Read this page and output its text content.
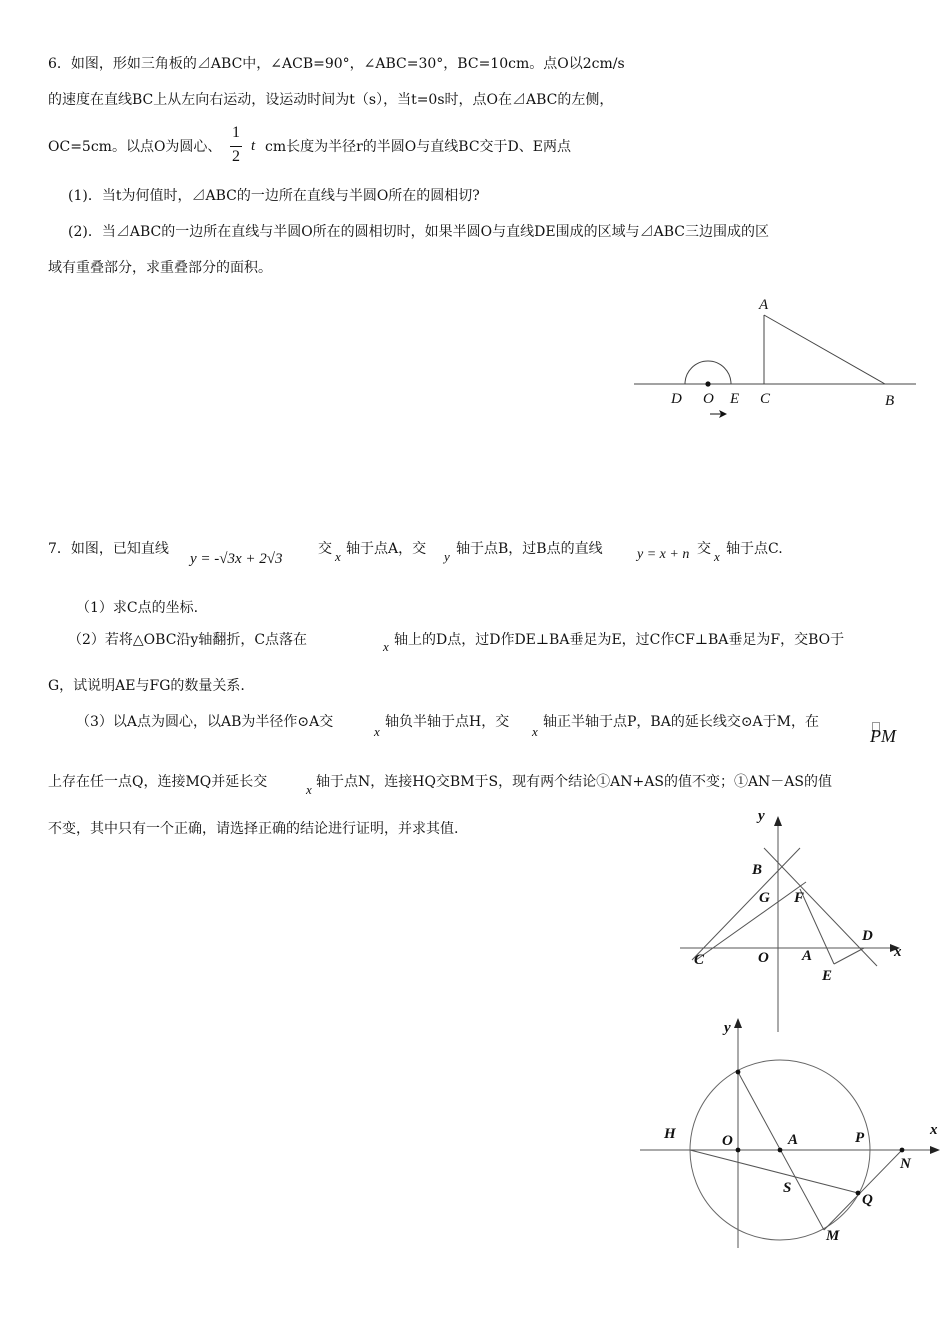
6．如图，形如三角板的⊿ABC中，∠ACB=90°，∠ABC=30°，BC=10cm。点O以2cm/s
的速度在直线BC上从左向右运动，设运动时间为t（s），当t=0s时，点O在⊿ABC的左侧，
OC=5cm。以点O为圆心、
1
2
t cm长度为半径r的半圆O与直线BC交于D、E两点
(1)．当t为何值时，⊿ABC的一边所在直线与半圆O所在的圆相切?
(2)．当⊿ABC的一边所在直线与半圆O所在的圆相切时，如果半圆O与直线DE围成的区域与⊿ABC三边围成的区
域有重叠部分，求重叠部分的面积。
A
D O E C	B
7．如图，已知直线
y = -√3x + 2√3
交 x 轴于点A，交 y 轴于点B，过B点的直线 y = x + n 交 x 轴于点C.
（1）求C点的坐标.
（2）若将△OBC沿y轴翻折，C点落在	x 轴上的D点，过D作DE⊥BA垂足为E，过C作CF⊥BA垂足为F，交BO于
G，试说明AE与FG的数量关系.
（3）以A点为圆心，以AB为半径作⊙A交
x
轴负半轴于点H，交
x
轴正半轴于点P，BA的延长线交⊙A于M，在
PM
上存在任一点Q，连接MQ并延长交	x 轴于点N，连接HQ交BM于S，现有两个结论①AN+AS的值不变；①AN－AS的值
不变，其中只有一个正确，请选择正确的结论进行证明，并求其值.
y
B
G F
D
x
C	O A
E
y
H	O	A	P	x
N
S
Q
M
